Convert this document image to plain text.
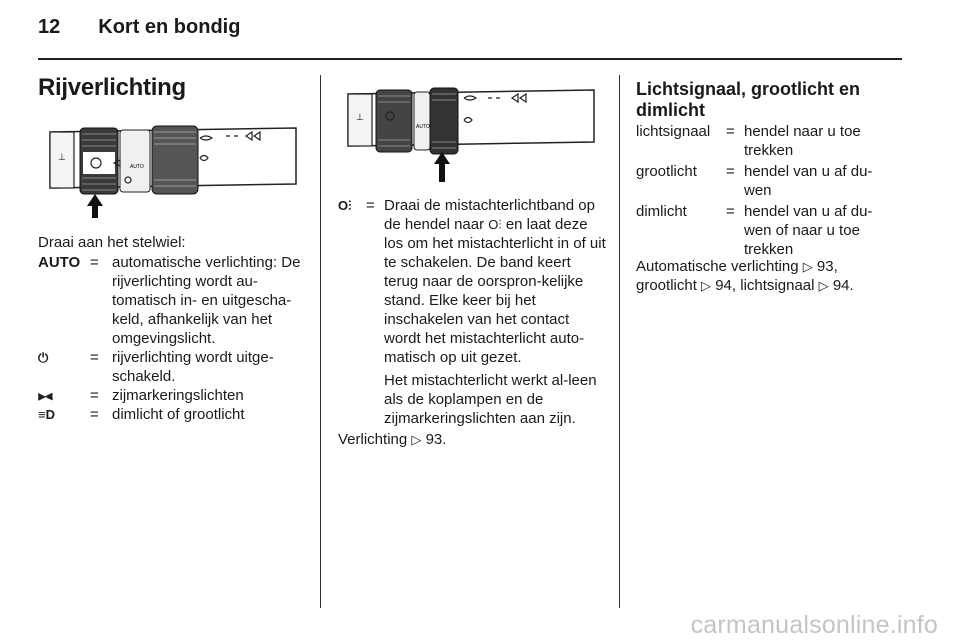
12 Kort en bondig
Rijverlichting
⊥
AUTO

Draai aan het stelwiel:

AUTO = automatische verlichting: De rijverlichting wordt au-tomatisch in- en uitgescha-keld, afhankelijk van het omgevingslicht.
⏻	= rijverlichting wordt uitge-schakeld.
⫸⫷	= zijmarkeringslichten
≡D	= dimlicht of grootlicht
⊥
AUTO
O⫶ = Draai de mistachterlichtband op de hendel naar O⫶ en laat deze los om het mistachterlicht in of uit te schakelen. De band keert terug naar de oorspron-kelijke stand. Elke keer bij het inschakelen van het contact wordt het mistachterlicht auto-matisch op uit gezet.

Het mistachterlicht werkt al-leen als de koplampen en de zijmarkeringslichten aan zijn.

Verlichting ▷ 93.

Lichtsignaal, grootlicht en dimlicht
lichtsignaal	= hendel naar u toe trekken
grootlicht	= hendel van u af du-wen
dimlicht	= hendel van u af du-wen of naar u toe trekken

Automatische verlichting ▷ 93,
grootlicht ▷ 94, lichtsignaal ▷ 94.

carmanualsonline.info
